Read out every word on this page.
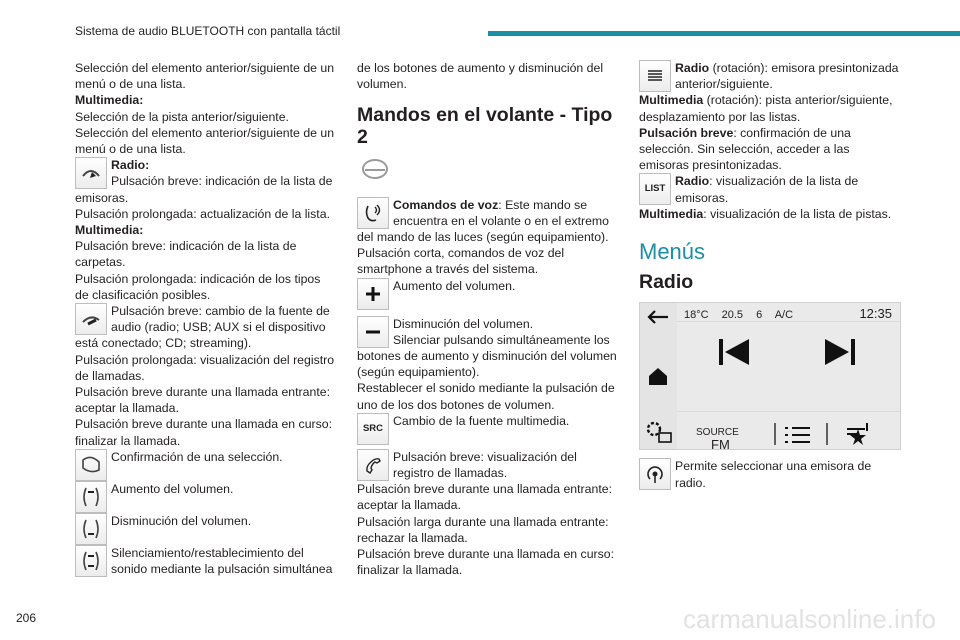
Sistema de audio BLUETOOTH con pantalla táctil

Selección del elemento anterior/siguiente de un menú o de una lista.

Multimedia:

Selección de la pista anterior/siguiente.

Selección del elemento anterior/siguiente de un menú o de una lista.

Radio:

Pulsación breve: indicación de la lista de emisoras.

Pulsación prolongada: actualización de la lista.

Multimedia:

Pulsación breve: indicación de la lista de carpetas.

Pulsación prolongada: indicación de los tipos de clasificación posibles.

Pulsación breve: cambio de la fuente de audio (radio; USB; AUX si el dispositivo está conectado; CD; streaming).

Pulsación prolongada: visualización del registro de llamadas.

Pulsación breve durante una llamada entrante: aceptar la llamada.

Pulsación breve durante una llamada en curso: finalizar la llamada.

Confirmación de una selección.

Aumento del volumen.

Disminución del volumen.

Silenciamiento/restablecimiento del sonido mediante la pulsación simultánea

de los botones de aumento y disminución del volumen.

Mandos en el volante - Tipo 2

Comandos de voz: Este mando se encuentra en el volante o en el extremo del mando de las luces (según equipamiento).

Pulsación corta, comandos de voz del smartphone a través del sistema.

Aumento del volumen.

Disminución del volumen.

Silenciar pulsando simultáneamente los botones de aumento y disminución del volumen (según equipamiento).

Restablecer el sonido mediante la pulsación de uno de los dos botones de volumen.

SRC

Cambio de la fuente multimedia.

Pulsación breve: visualización del registro de llamadas.

Pulsación breve durante una llamada entrante: aceptar la llamada.

Pulsación larga durante una llamada entrante: rechazar la llamada.

Pulsación breve durante una llamada en curso: finalizar la llamada.

Radio (rotación): emisora presintonizada anterior/siguiente.

Multimedia (rotación): pista anterior/siguiente, desplazamiento por las listas.

Pulsación breve: confirmación de una selección. Sin selección, acceder a las emisoras presintonizadas.

LIST

Radio: visualización de la lista de emisoras.

Multimedia: visualización de la lista de pistas.

Menús
Radio
18°C 20.5 6 A/C	12:35
SOURCE
FM

Permite seleccionar una emisora de radio.

206	carmanualsonline.info
